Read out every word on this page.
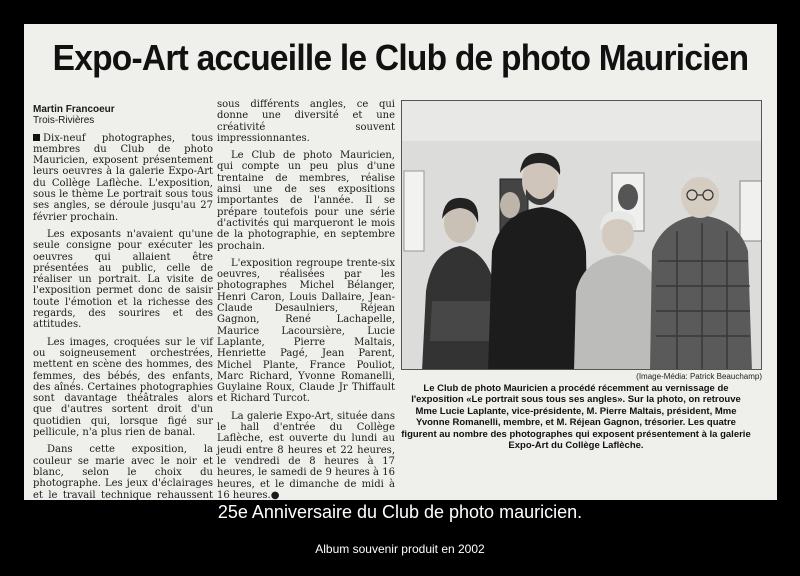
Expo-Art accueille le Club de photo Mauricien

Martin Francoeur

Trois-Rivières

Dix-neuf photographes, tous membres du Club de photo Mauricien, exposent présentement leurs oeuvres à la galerie Expo-Art du Collège Laflèche. L'exposition, sous le thème Le portrait sous tous ses angles, se déroule jusqu'au 27 février prochain.

Les exposants n'avaient qu'une seule consigne pour exécuter les oeuvres qui allaient être présentées au public, celle de réaliser un portrait. La visite de l'exposition permet donc de saisir toute l'émotion et la richesse des regards, des sourires et des attitudes.

Les images, croquées sur le vif ou soigneusement orchestrées, mettent en scène des hommes, des femmes, des bébés, des enfants, des aînés. Certaines photographies sont davantage théâtrales alors que d'autres sortent droit d'un quotidien qui, lorsque figé sur pellicule, n'a plus rien de banal.

Dans cette exposition, la couleur se marie avec le noir et blanc, selon le choix du photographe. Les jeux d'éclairages et le travail technique rehaussent

sous différents angles, ce qui donne une diversité et une créativité souvent impressionnantes.

Le Club de photo Mauricien, qui compte un peu plus d'une trentaine de membres, réalise ainsi une de ses expositions importantes de l'année. Il se prépare toutefois pour une série d'activités qui marqueront le mois de la photographie, en septembre prochain.

L'exposition regroupe trente-six oeuvres, réalisées par les photographes Michel Bélanger, Henri Caron, Louis Dallaire, Jean-Claude Desaulniers, Réjean Gagnon, René Lachapelle, Maurice Lacoursière, Lucie Laplante, Pierre Maltais, Henriette Pagé, Jean Parent, Michel Plante, France Pouliot, Marc Richard, Yvonne Romanelli, Guylaine Roux, Claude Jr Thiffault et Richard Turcot.

La galerie Expo-Art, située dans le hall d'entrée du Collège Laflèche, est ouverte du lundi au jeudi entre 8 heures et 22 heures, le vendredi de 8 heures à 17 heures, le samedi de 9 heures à 16 heures, et le dimanche de midi à 16 heures.●

(Image-Média: Patrick Beauchamp)
Le Club de photo Mauricien a procédé récemment au vernissage de l'exposition «Le portrait sous tous ses angles». Sur la photo, on retrouve Mme Lucie Laplante, vice-présidente, M. Pierre Maltais, président, Mme Yvonne Romanelli, membre, et M. Réjean Gagnon, trésorier. Les quatre figurent au nombre des photographes qui exposent présentement à la galerie Expo-Art du Collège Laflèche.
25e Anniversaire du Club de photo mauricien.
Album souvenir produit en 2002
